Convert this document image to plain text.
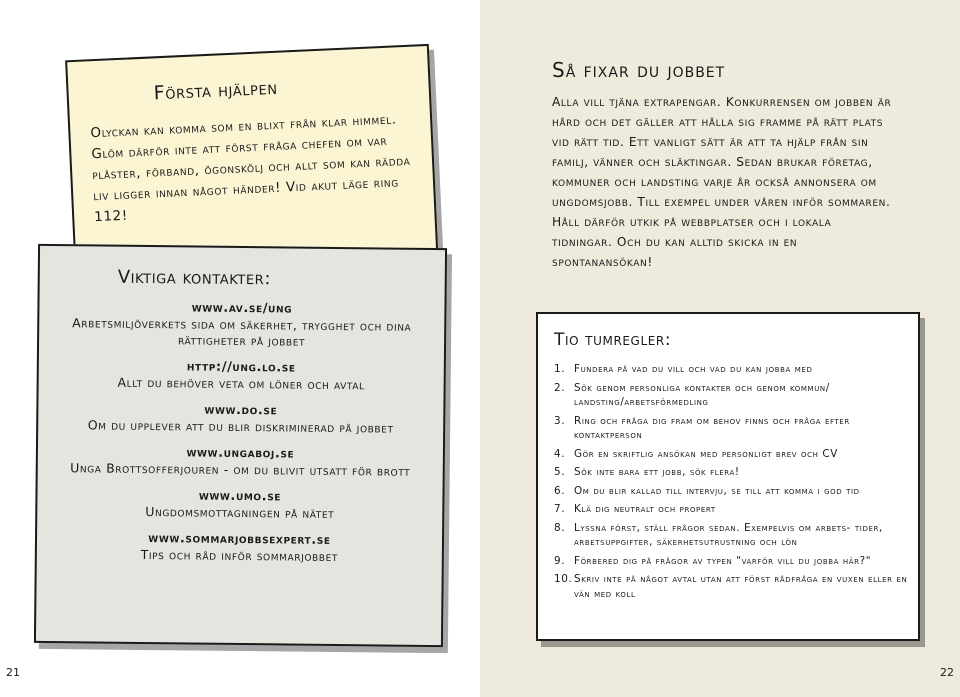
Första hjälpen

Olyckan kan komma som en blixt från klar himmel. Glöm därför inte att först fråga chefen om var plåster, förband, ögonskölj och allt som kan rädda liv ligger innan något händer! Vid akut läge ring 112!

Viktiga kontakter:
www.av.se/ung
Arbetsmiljöverkets sida om säkerhet, trygghet och dina rättigheter på jobbet
http://ung.lo.se
Allt du behöver veta om löner och avtal
www.do.se
Om du upplever att du blir diskriminerad på jobbet
www.ungaboj.se
Unga Brottsofferjouren - om du blivit utsatt för brott
www.umo.se
Ungdomsmottagningen på nätet
www.sommarjobbsexpert.se
Tips och råd inför sommarjobbet
21
Så fixar du jobbet

Alla vill tjäna extrapengar. Konkurrensen om jobben är hård och det gäller att hålla sig framme på rätt plats vid rätt tid. Ett vanligt sätt är att ta hjälp från sin familj, vänner och släktingar. Sedan brukar företag, kommuner och landsting varje år också annonsera om ungdomsjobb. Till exempel under våren inför sommaren. Håll därför utkik på webbplatser och i lokala tidningar. Och du kan alltid skicka in en spontanansökan!

Tio tumregler:
1. Fundera på vad du vill och vad du kan jobba med
2. Sök genom personliga kontakter och genom kommun/ landsting/arbetsförmedling
3. Ring och fråga dig fram om behov finns och fråga efter kontaktperson
4. Gör en skriftlig ansökan med personligt brev och CV
5. Sök inte bara ett jobb, sök flera!
6. Om du blir kallad till intervju, se till att komma i god tid
7. Klä dig neutralt och propert
8. Lyssna först, ställ frågor sedan. Exempelvis om arbets- tider, arbetsuppgifter, säkerhetsutrustning och lön
9. Förbered dig på frågor av typen "varför vill du jobba här?"
10. Skriv inte på något avtal utan att först rådfråga en vuxen eller en vän med koll
22
